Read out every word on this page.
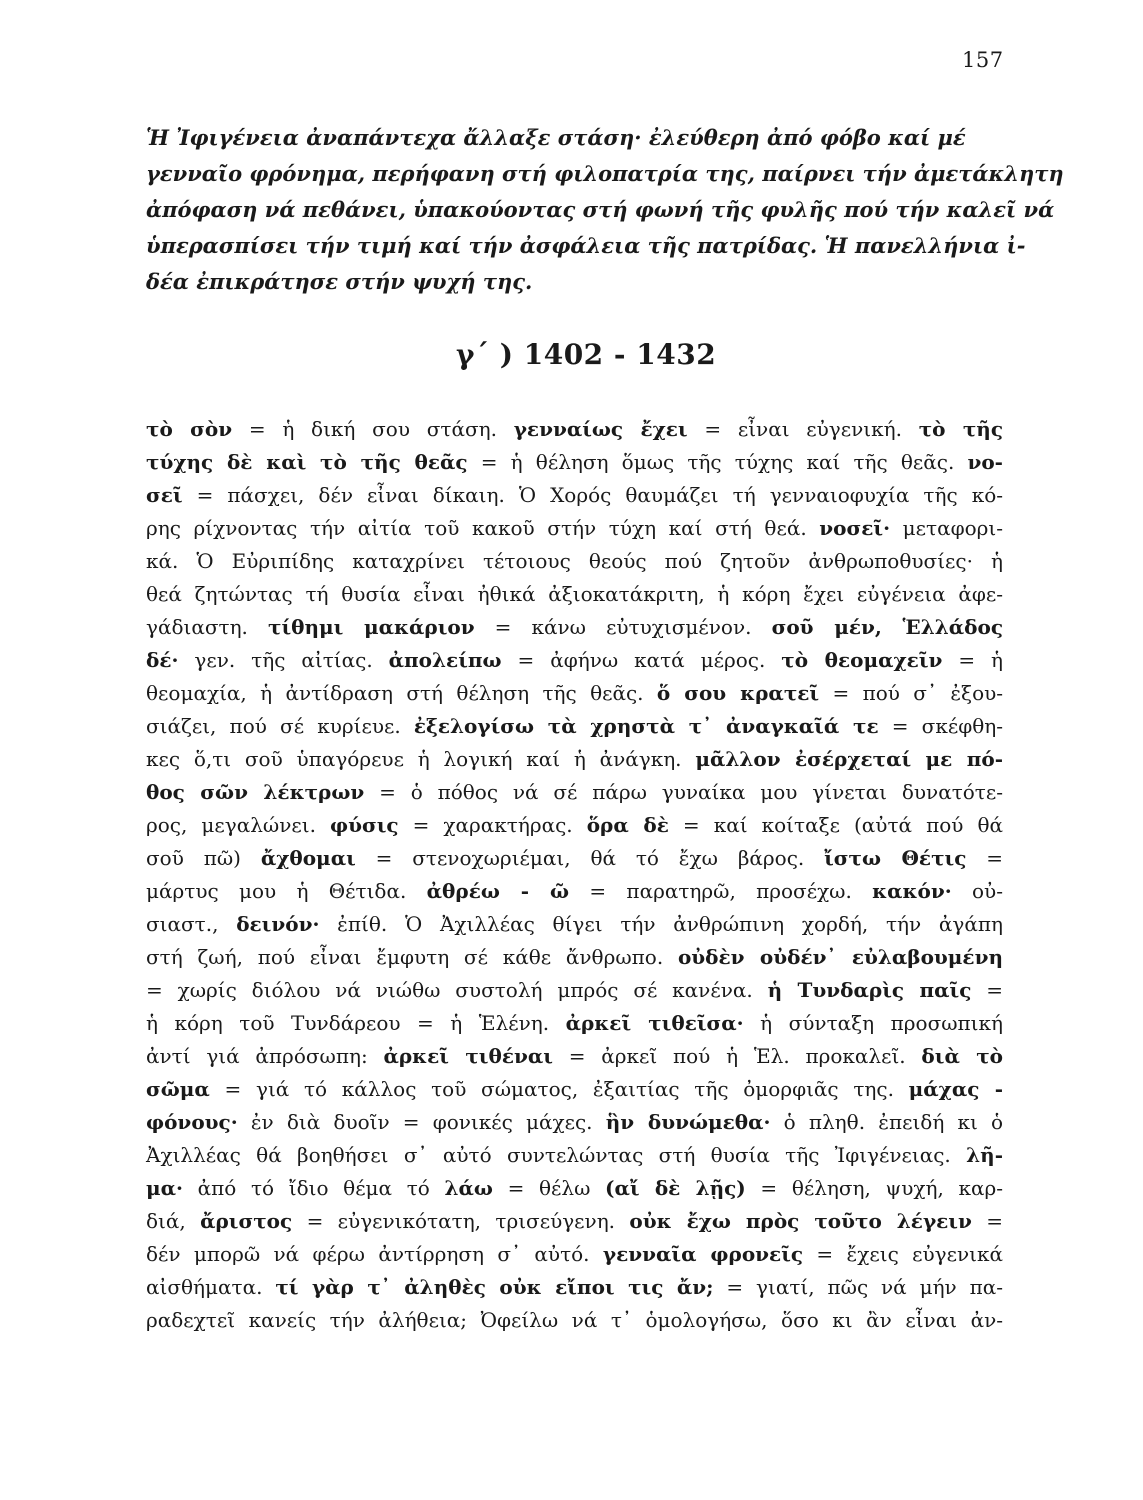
157
Ἡ Ἰφιγένεια ἀναπάντεχα ἄλλαξε στάση· ἐλεύθερη ἀπό φόβο καί μέ
γενναῖο φρόνημα, περήφανη στή φιλοπατρία της, παίρνει τήν ἀμετάκλητη
ἀπόφαση νά πεθάνει, ὑπακούοντας στή φωνή τῆς φυλῆς πού τήν καλεῖ νά
ὑπερασπίσει τήν τιμή καί τήν ἀσφάλεια τῆς πατρίδας. Ἡ πανελλήνια ἰ-
δέα ἐπικράτησε στήν ψυχή της.
γ΄ ) 1402 - 1432
τὸ σὸν = ἡ δική σου στάση. γενναίως ἔχει = εἶναι εὐγενική. τὸ τῆς
τύχης δὲ καὶ τὸ τῆς θεᾶς = ἡ θέληση ὅμως τῆς τύχης καί τῆς θεᾶς. νο-
σεῖ = πάσχει, δέν εἶναι δίκαιη. Ὁ Χορός θαυμάζει τή γενναιοφυχία τῆς κό-
ρης ρίχνοντας τήν αἰτία τοῦ κακοῦ στήν τύχη καί στή θεά. νοσεῖ· μεταφορι-
κά. Ὁ Εὐριπίδης καταχρίνει τέτοιους θεούς πού ζητοῦν ἀνθρωποθυσίες· ἡ
θεά ζητώντας τή θυσία εἶναι ἠθικά ἀξιοκατάκριτη, ἡ κόρη ἔχει εὐγένεια ἀφε-
γάδιαστη. τίθημι μακάριον = κάνω εὐτυχισμένον. σοῦ μέν, Ἑλλάδος
δέ· γεν. τῆς αἰτίας. ἀπολείπω = ἀφήνω κατά μέρος. τὸ θεομαχεῖν = ἡ
θεομαχία, ἡ ἀντίδραση στή θέληση τῆς θεᾶς. ὅ σου κρατεῖ = πού σ᾽ ἐξου-
σιάζει, πού σέ κυρίευε. ἐξελογίσω τὰ χρηστὰ τ᾽ ἀναγκαῖά τε = σκέφθη-
κες ὅ,τι σοῦ ὑπαγόρευε ἡ λογική καί ἡ ἀνάγκη. μᾶλλον ἐσέρχεταί με πό-
θος σῶν λέκτρων = ὁ πόθος νά σέ πάρω γυναίκα μου γίνεται δυνατότε-
ρος, μεγαλώνει. φύσις = χαρακτήρας. ὅρα δὲ = καί κοίταξε (αὐτά πού θά
σοῦ πῶ) ἄχθομαι = στενοχωριέμαι, θά τό ἔχω βάρος. ἴστω Θέτις =
μάρτυς μου ἡ Θέτιδα. ἀθρέω - ῶ = παρατηρῶ, προσέχω. κακόν· οὐ-
σιαστ., δεινόν· ἐπίθ. Ὁ Ἀχιλλέας θίγει τήν ἀνθρώπινη χορδή, τήν ἀγάπη
στή ζωή, πού εἶναι ἔμφυτη σέ κάθε ἄνθρωπο. οὐδὲν οὐδέν᾽ εὐλαβουμένη
= χωρίς διόλου νά νιώθω συστολή μπρός σέ κανένα. ἡ Τυνδαρὶς παῖς =
ἡ κόρη τοῦ Τυνδάρεου = ἡ Ἑλένη. ἀρκεῖ τιθεῖσα· ἡ σύνταξη προσωπική
ἀντί γιά ἀπρόσωπη: ἀρκεῖ τιθέναι = ἀρκεῖ πού ἡ Ἑλ. προκαλεῖ. διὰ τὸ
σῶμα = γιά τό κάλλος τοῦ σώματος, ἐξαιτίας τῆς ὀμορφιᾶς της. μάχας -
φόνους· ἐν διὰ δυοῖν = φονικές μάχες. ἣν δυνώμεθα· ὁ πληθ. ἐπειδή κι ὁ
Ἀχιλλέας θά βοηθήσει σ᾽ αὐτό συντελώντας στή θυσία τῆς Ἰφιγένειας. λῆ-
μα· ἀπό τό ἴδιο θέμα τό λάω = θέλω (αἴ δὲ λῇς) = θέληση, ψυχή, καρ-
διά, ἄριστος = εὐγενικότατη, τρισεύγενη. οὐκ ἔχω πρὸς τοῦτο λέγειν =
δέν μπορῶ νά φέρω ἀντίρρηση σ᾽ αὐτό. γενναῖα φρονεῖς = ἔχεις εὐγενικά
αἰσθήματα. τί γὰρ τ᾽ ἀληθὲς οὐκ εἴποι τις ἄν; = γιατί, πῶς νά μήν πα-
ραδεχτεῖ κανείς τήν ἀλήθεια; Ὀφείλω νά τ᾽ ὁμολογήσω, ὅσο κι ἂν εἶναι ἀν-
